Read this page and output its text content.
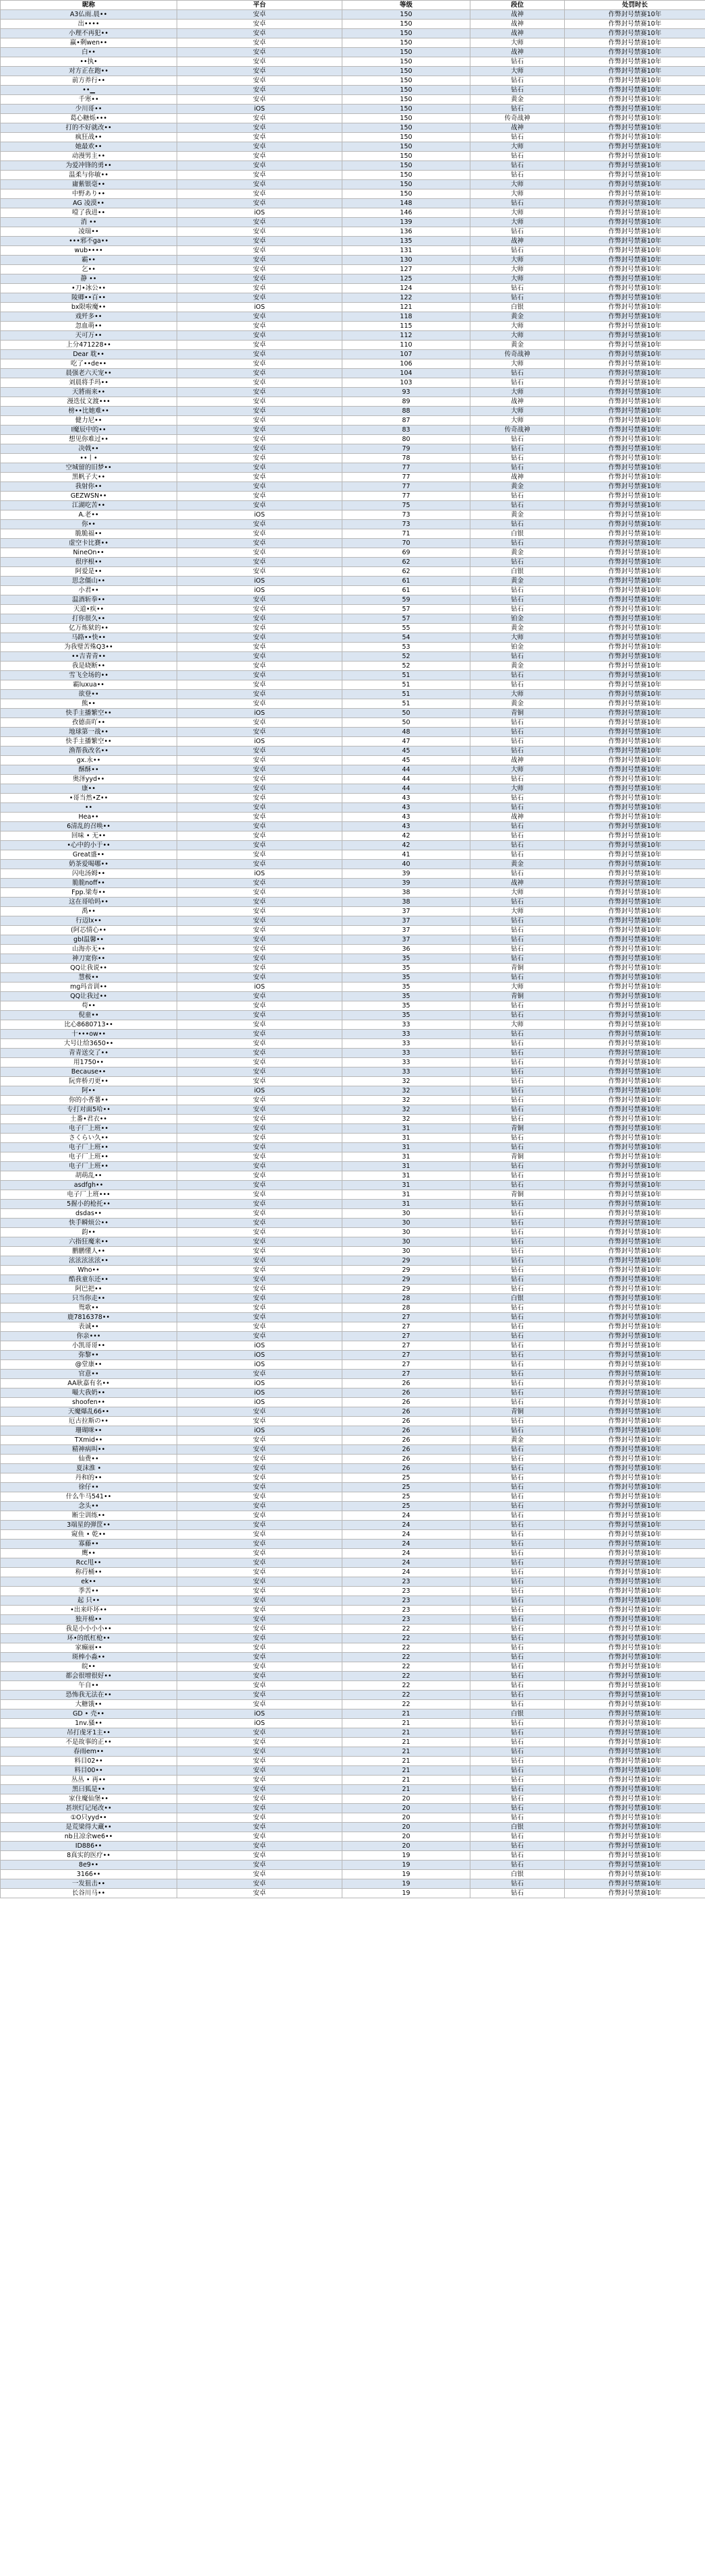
昵称	平台	等级	段位	处罚时长
A3仏雨.晨••	安卓	150	战神	作弊封号禁赛10年
出••••	安卓	150	战神	作弊封号禁赛10年
小理不再犯••	安卓	150	战神	作弊封号禁赛10年
赢•剩wen••	安卓	150	大师	作弊封号禁赛10年
白••	安卓	150	战神	作弊封号禁赛10年
••执•	安卓	150	钻石	作弊封号禁赛10年
对方正在跑••	安卓	150	大师	作弊封号禁赛10年
前方养行••	安卓	150	钻石	作弊封号禁赛10年
••▁	安卓	150	钻石	作弊封号禁赛10年
千寒••	安卓	150	黄金	作弊封号禁赛10年
少川哥••	iOS	150	钻石	作弊封号禁赛10年
葛心糖烁•••	安卓	150	传奇战神	作弊封号禁赛10年
打的不好就改••	安卓	150	战神	作弊封号禁赛10年
疯狂战••	安卓	150	钻石	作弊封号禁赛10年
她最欢••	安卓	150	大师	作弊封号禁赛10年
动漫男主••	安卓	150	钻石	作弊封号禁赛10年
为爱冲锋的勇••	安卓	150	钻石	作弊封号禁赛10年
温柔与你敏••	安卓	150	钻石	作弊封号禁赛10年
庸紫银毫••	安卓	150	大师	作弊封号禁赛10年
中野あり••	安卓	150	大师	作弊封号禁赛10年
AG 凌漠••	安卓	148	钻石	作弊封号禁赛10年
噎了我进••	iOS	146	大师	作弊封号禁赛10年
消 ••	安卓	139	大师	作弊封号禁赛10年
凌瑞••	安卓	136	钻石	作弊封号禁赛10年
•••邪不ga••	安卓	135	战神	作弊封号禁赛10年
wub••••	安卓	131	钻石	作弊封号禁赛10年
霸••	安卓	130	大师	作弊封号禁赛10年
乞••	安卓	127	大师	作弊封号禁赛10年
静 ••	安卓	125	大师	作弊封号禁赛10年
•刀•冰公••	安卓	124	钻石	作弊封号禁赛10年
陵卿••百••	安卓	122	钻石	作弊封号禁赛10年
bx限啦魔••	iOS	121	白银	作弊封号禁赛10年
戏歼多••	安卓	118	黄金	作弊封号禁赛10年
忽血萌••	安卓	115	大师	作弊封号禁赛10年
天可万••	安卓	112	大师	作弊封号禁赛10年
上分471228••	安卓	110	黄金	作弊封号禁赛10年
Dear 耽••	安卓	107	传奇战神	作弊封号禁赛10年
吃了••de••	安卓	106	大师	作弊封号禁赛10年
晨强老六天宠••	安卓	104	钻石	作弊封号禁赛10年
刘晨将手玛••	安卓	103	钻石	作弊封号禁赛10年
天將雨来••	安卓	93	大师	作弊封号禁赛10年
漫迭仗文渡•••	安卓	89	战神	作弊封号禁赛10年
榜••比她难••	安卓	88	大师	作弊封号禁赛10年
健力尼••	安卓	87	大师	作弊封号禁赛10年
I魔辰中的••	安卓	83	传奇战神	作弊封号禁赛10年
想见你难过••	安卓	80	钻石	作弊封号禁赛10年
决戟••	安卓	79	钻石	作弊封号禁赛10年
••丨•	安卓	78	钻石	作弊封号禁赛10年
空城留的旧梦••	安卓	77	钻石	作弊封号禁赛10年
黑帆子大••	安卓	77	战神	作弊封号禁赛10年
我射你••	安卓	77	黄金	作弊封号禁赛10年
GEZWSN••	安卓	77	钻石	作弊封号禁赛10年
江湖吃苦••	安卓	75	钻石	作弊封号禁赛10年
A.老••	iOS	73	黄金	作弊封号禁赛10年
你••	安卓	73	钻石	作弊封号禁赛10年
脆脆福••	安卓	71	白银	作弊封号禁赛10年
虚空卡比賽••	安卓	70	钻石	作弊封号禁赛10年
NineOn••	安卓	69	黄金	作弊封号禁赛10年
很序根••	安卓	62	钻石	作弊封号禁赛10年
阿爱是••	安卓	62	白银	作弊封号禁赛10年
思念僵山••	iOS	61	黄金	作弊封号禁赛10年
小君••	iOS	61	钻石	作弊封号禁赛10年
温酒斩拳••	安卓	59	钻石	作弊封号禁赛10年
天道•疾••	安卓	57	钻石	作弊封号禁赛10年
打你很久••	安卓	57	铂金	作弊封号禁赛10年
亿万炼狱的••	安卓	55	黄金	作弊封号禁赛10年
马路••快••	安卓	54	大师	作弊封号禁赛10年
为我璧苦殊Q3••	安卓	53	铂金	作弊封号禁赛10年
••吉青青••	安卓	52	钻石	作弊封号禁赛10年
我是晓断••	安卓	52	黄金	作弊封号禁赛10年
雪飞全场的••	安卓	51	钻石	作弊封号禁赛10年
霸luxua••	安卓	51	钻石	作弊封号禁赛10年
欲登••	安卓	51	大师	作弊封号禁赛10年
熊••	安卓	51	黄金	作弊封号禁赛10年
快手主播繁空••	iOS	50	青铜	作弊封号禁赛10年
孜德苗吖••	安卓	50	钻石	作弊封号禁赛10年
地球第一战••	安卓	48	钻石	作弊封号禁赛10年
快手主播繁空••	iOS	47	钻石	作弊封号禁赛10年
渔帮我改名••	安卓	45	钻石	作弊封号禁赛10年
gx.永••	安卓	45	战神	作弊封号禁赛10年
酥酥••	安卓	44	大师	作弊封号禁赛10年
奥泽yyd••	安卓	44	钻石	作弊封号禁赛10年
康••	安卓	44	大师	作弊封号禁赛10年
•哥当然•Z••	安卓	43	钻石	作弊封号禁赛10年
••	安卓	43	钻石	作弊封号禁赛10年
Hea••	安卓	43	战神	作弊封号禁赛10年
6清乱的召唤••	安卓	43	钻石	作弊封号禁赛10年
回味 • 无••	安卓	42	钻石	作弊封号禁赛10年
•心中的小于••	安卓	42	钻石	作弊封号禁赛10年
Great盛••	安卓	41	钻石	作弊封号禁赛10年
奶茶爱喝哪••	安卓	40	黄金	作弊封号禁赛10年
闪电汤姆••	iOS	39	钻石	作弊封号禁赛10年
脆脆noff••	安卓	39	战神	作弊封号禁赛10年
Fpp.梁寿••	安卓	38	大师	作弊封号禁赛10年
这在哥哈吗••	安卓	38	钻石	作弊封号禁赛10年
禹••	安卓	37	大师	作弊封号禁赛10年
行迈lx••	安卓	37	钻石	作弊封号禁赛10年
(阿芯情心••	安卓	37	钻石	作弊封号禁赛10年
gbl温馨••	安卓	37	钻石	作弊封号禁赛10年
山海亦无••	安卓	36	钻石	作弊封号禁赛10年
神刀宽你••	安卓	35	钻石	作弊封号禁赛10年
QQ让我说••	安卓	35	青铜	作弊封号禁赛10年
慧极••	安卓	35	钻石	作弊封号禁赛10年
mg玛音训••	iOS	35	大师	作弊封号禁赛10年
QQ让我过••	安卓	35	青铜	作弊封号禁赛10年
苟••	安卓	35	钻石	作弊封号禁赛10年
倪童••	安卓	35	钻石	作弊封号禁赛10年
比心8680713••	安卓	33	大师	作弊封号禁赛10年
十•••ow••	安卓	33	钻石	作弊封号禁赛10年
大号让给3650••	安卓	33	钻石	作弊封号禁赛10年
青青送交了••	安卓	33	钻石	作弊封号禁赛10年
用1750••	安卓	33	钻石	作弊封号禁赛10年
Because••	安卓	33	钻石	作弊封号禁赛10年
阮弈桥刃更••	安卓	32	钻石	作弊封号禁赛10年
阿••	iOS	32	钻石	作弊封号禁赛10年
你的小香薯••	安卓	32	钻石	作弊封号禁赛10年
专打对面5哈••	安卓	32	钻石	作弊封号禁赛10年
土番•君衣••	安卓	32	钻石	作弊封号禁赛10年
电子厂上班••	安卓	31	青铜	作弊封号禁赛10年
さくらい久••	安卓	31	钻石	作弊封号禁赛10年
电子厂上班••	安卓	31	钻石	作弊封号禁赛10年
电子厂上班••	安卓	31	青铜	作弊封号禁赛10年
电子厂上班••	安卓	31	钻石	作弊封号禁赛10年
胡萌乱••	安卓	31	钻石	作弊封号禁赛10年
asdfgh••	安卓	31	钻石	作弊封号禁赛10年
电子厂上班•••	安卓	31	青铜	作弊封号禁赛10年
5握小的枪托••	安卓	31	钻石	作弊封号禁赛10年
dsdas••	安卓	30	钻石	作弊封号禁赛10年
快手瞬烦公••	安卓	30	钻石	作弊封号禁赛10年
韵••	安卓	30	钻石	作弊封号禁赛10年
六指狂魔来••	安卓	30	钻石	作弊封号禁赛10年
鹏鹏懂人••	安卓	30	钻石	作弊封号禁赛10年
泫泫泫泫泫••	安卓	29	钻石	作弊封号禁赛10年
Who••	安卓	29	钻石	作弊封号禁赛10年
酷我童东还••	安卓	29	钻石	作弊封号禁赛10年
阿巴把••	安卓	29	钻石	作弊封号禁赛10年
只当你走••	安卓	28	白银	作弊封号禁赛10年
鸳歌••	安卓	28	钻石	作弊封号禁赛10年
鹿7816378••	安卓	27	钻石	作弊封号禁赛10年
表诚••	安卓	27	钻石	作弊封号禁赛10年
你亲•••	安卓	27	钻石	作弊封号禁赛10年
小凯哥哥••	iOS	27	钻石	作弊封号禁赛10年
弥黎••	iOS	27	钻石	作弊封号禁赛10年
@堂康••	iOS	27	钻石	作弊封号禁赛10年
官意••	安卓	27	钻石	作弊封号禁赛10年
AA耿嘉有名••	iOS	26	钻石	作弊封号禁赛10年
嘬大我奶••	iOS	26	钻石	作弊封号禁赛10年
shoofen••	iOS	26	钻石	作弊封号禁赛10年
天魔爆乱66••	安卓	26	青铜	作弊封号禁赛10年
厄古拉斯の••	安卓	26	钻石	作弊封号禁赛10年
珊瑚咪••	iOS	26	钻石	作弊封号禁赛10年
TXmid••	安卓	26	黄金	作弊封号禁赛10年
精神病叫••	安卓	26	钻石	作弊封号禁赛10年
仙费••	安卓	26	钻石	作弊封号禁赛10年
夏沫淮 •	安卓	26	钻石	作弊封号禁赛10年
丹和的••	安卓	25	钻石	作弊封号禁赛10年
徐仔••	安卓	25	钻石	作弊封号禁赛10年
什么牛马541••	安卓	25	钻石	作弊封号禁赛10年
念头••	安卓	25	钻石	作弊封号禁赛10年
断尘训练••	安卓	24	钻石	作弊封号禁赛10年
3端星的弹筐••	安卓	24	钻石	作弊封号禁赛10年
窥鱼 • 乾••	安卓	24	钻石	作弊封号禁赛10年
寡藤••	安卓	24	钻石	作弊封号禁赛10年
鹰••	安卓	24	钻石	作弊封号禁赛10年
Rcc甩••	安卓	24	钻石	作弊封号禁赛10年
称荇桶••	安卓	24	钻石	作弊封号禁赛10年
ek••	安卓	23	钻石	作弊封号禁赛10年
季苦••	安卓	23	钻石	作弊封号禁赛10年
起 只••	安卓	23	钻石	作弊封号禁赛10年
•出来吓坏••	安卓	23	钻石	作弊封号禁赛10年
独开棉••	安卓	23	钻石	作弊封号禁赛10年
我是小小小小••	安卓	22	钻石	作弊封号禁赛10年
环•的纸杠枪••	安卓	22	钻石	作弊封号禁赛10年
家癫丽••	安卓	22	钻石	作弊封号禁赛10年
斑棒小淼••	安卓	22	钻石	作弊封号禁赛10年
皖••	安卓	22	钻石	作弊封号禁赛10年
都会很增很好••	安卓	22	钻石	作弊封号禁赛10年
午自••	安卓	22	钻石	作弊封号禁赛10年
恐怖我无法在••	安卓	22	钻石	作弊封号禁赛10年
大糖饿••	安卓	22	钻石	作弊封号禁赛10年
GD • 壳••	iOS	21	白银	作弊封号禁赛10年
1nv.骚••	iOS	21	钻石	作弊封号禁赛10年
吊打虔牙1主••	安卓	21	钻石	作弊封号禁赛10年
不是故事的正••	安卓	21	钻石	作弊封号禁赛10年
春雨em••	安卓	21	钻石	作弊封号禁赛10年
料目02••	安卓	21	钻石	作弊封号禁赛10年
料目00••	安卓	21	钻石	作弊封号禁赛10年
丛丛 • 再••	安卓	21	钻石	作弊封号禁赛10年
黑曰狐是••	安卓	21	钻石	作弊封号禁赛10年
家住魔仙堡••	安卓	20	钻石	作弊封号禁赛10年
甚坝灯记尾改••	安卓	20	钻石	作弊封号禁赛10年
①O只yyd••	安卓	20	钻石	作弊封号禁赛10年
是荒梁得大藏••	安卓	20	白银	作弊封号禁赛10年
nb且凉余we6••	安卓	20	钻石	作弊封号禁赛10年
ID886••	安卓	20	钻石	作弊封号禁赛10年
8真实的医疗••	安卓	19	钻石	作弊封号禁赛10年
8e9••	安卓	19	钻石	作弊封号禁赛10年
3166••	安卓	19	白银	作弊封号禁赛10年
一发狙击••	安卓	19	钻石	作弊封号禁赛10年
长谷川马••	安卓	19	钻石	作弊封号禁赛10年
